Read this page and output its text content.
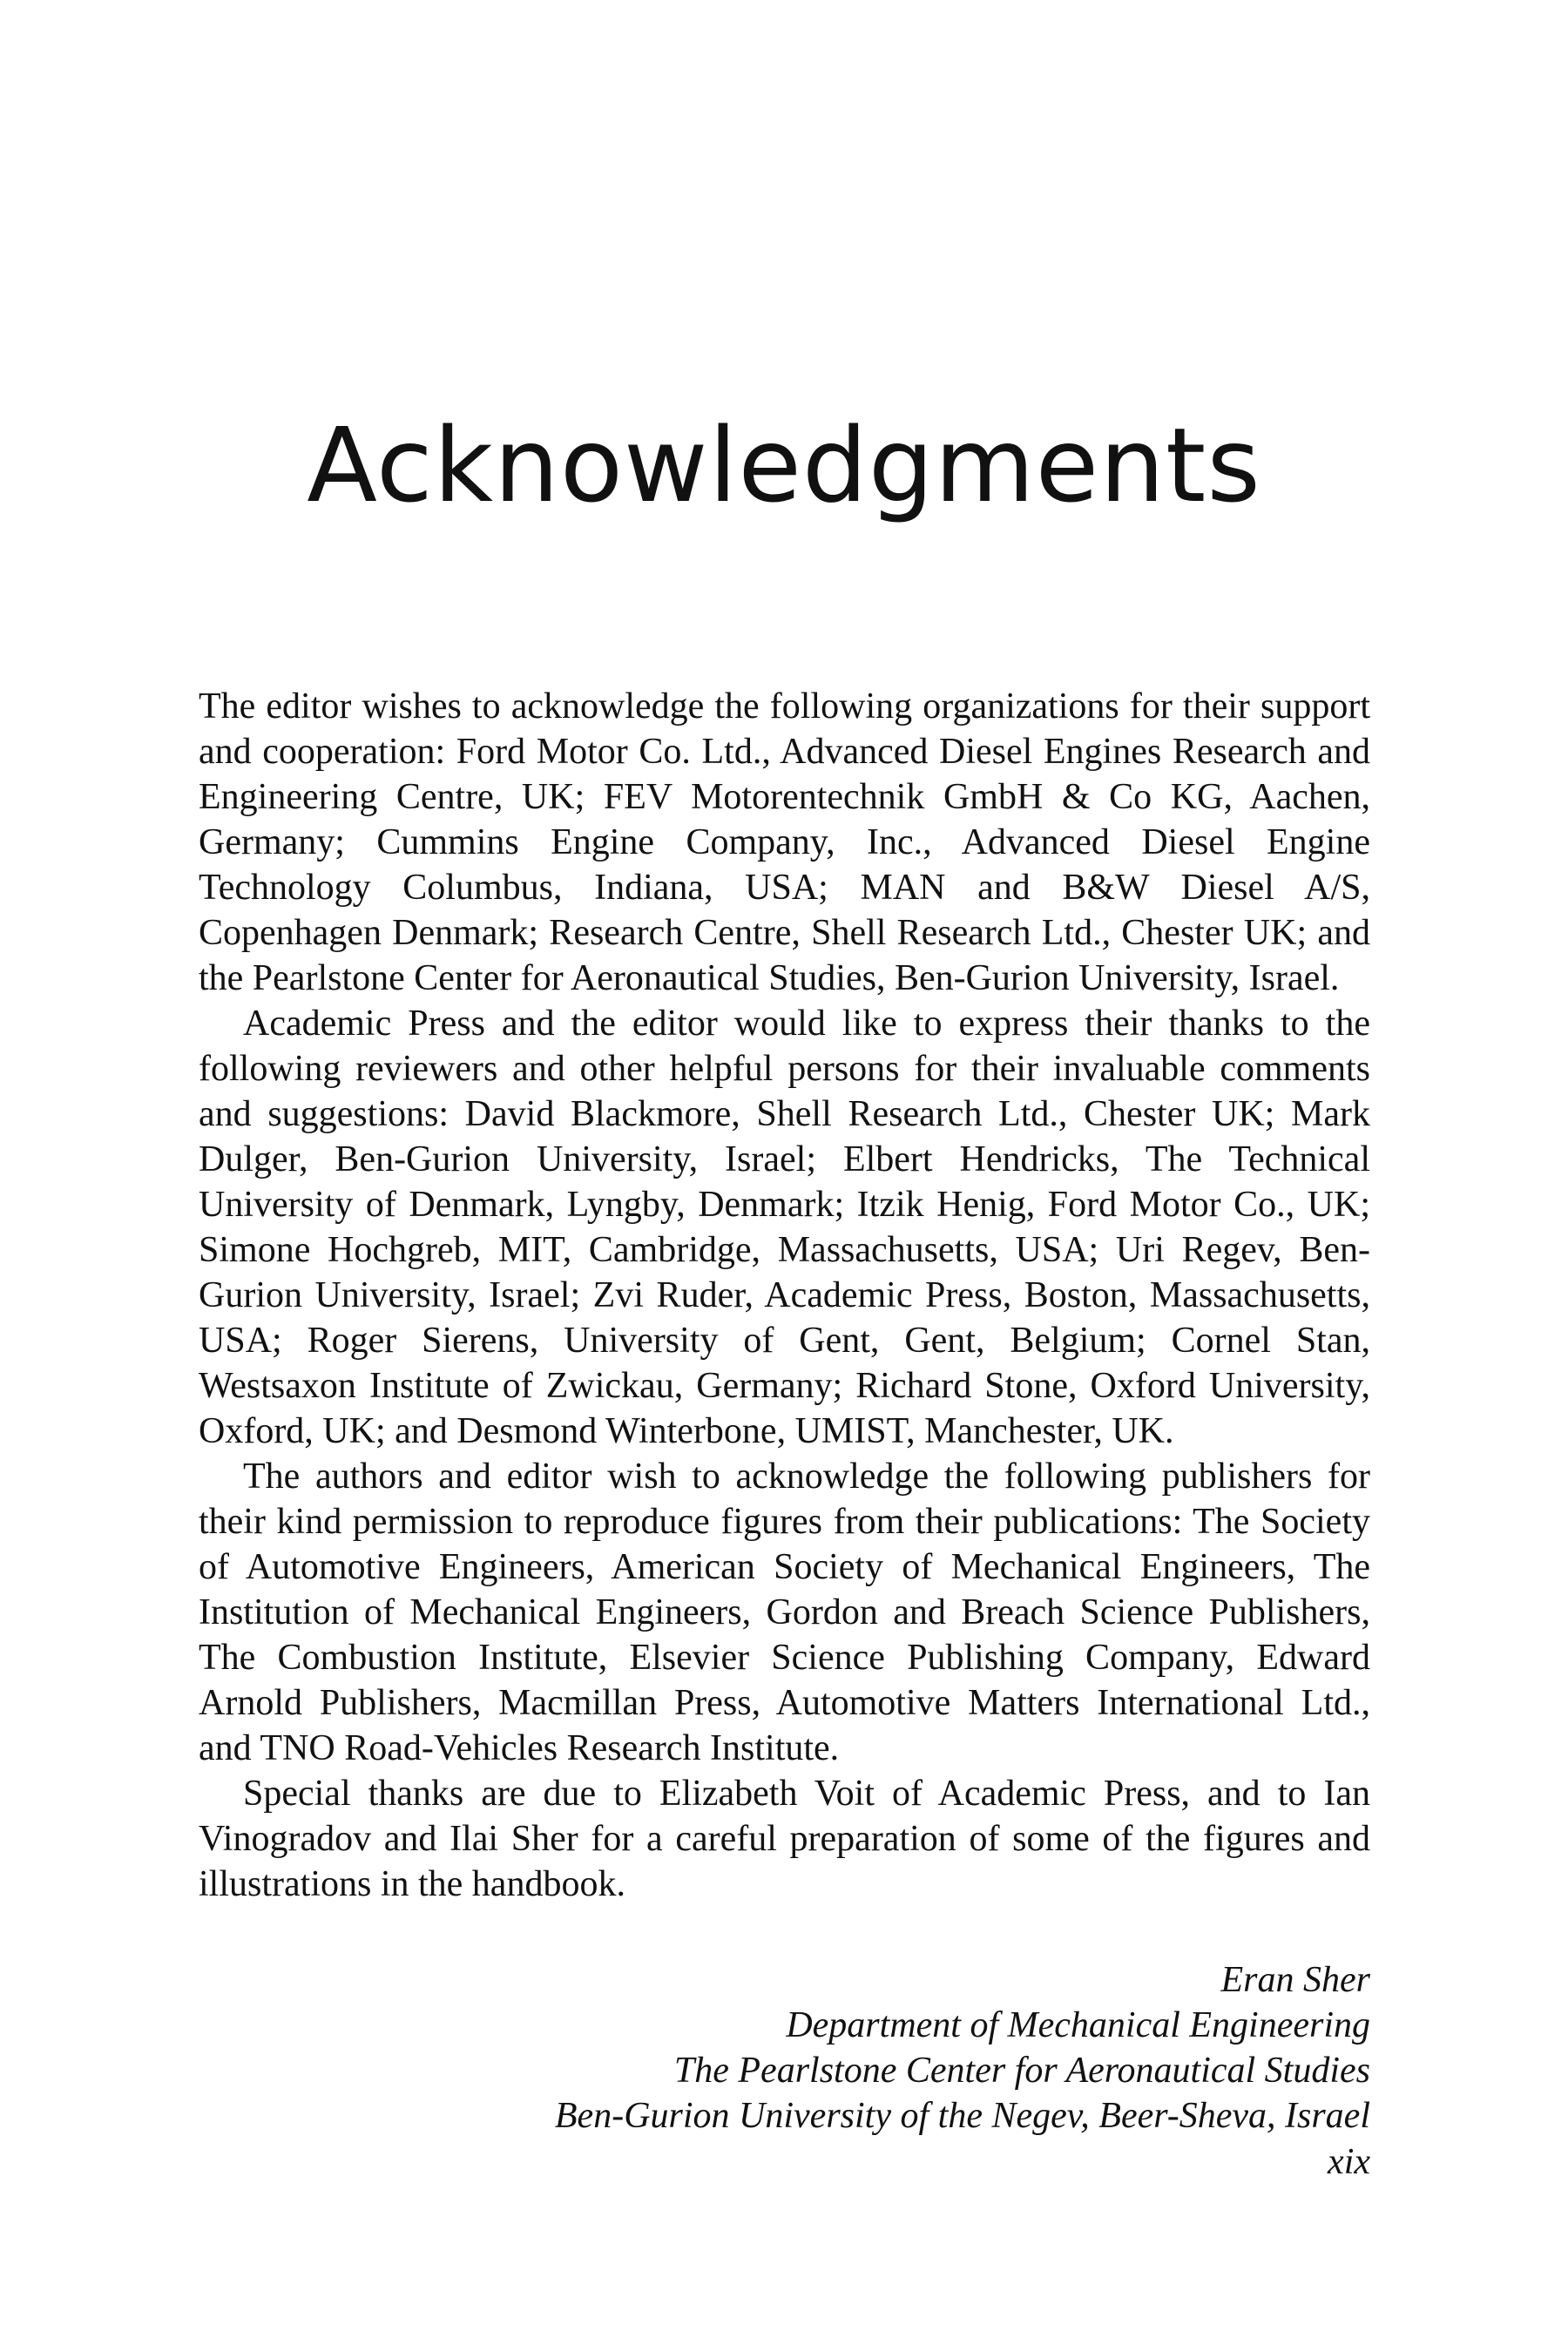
Acknowledgments

The editor wishes to acknowledge the following organizations for their support and cooperation: Ford Motor Co. Ltd., Advanced Diesel Engines Research and Engineering Centre, UK; FEV Motorentechnik GmbH & Co KG, Aachen, Germany; Cummins Engine Company, Inc., Advanced Diesel Engine Technology Columbus, Indiana, USA; MAN and B&W Diesel A/S, Copenhagen Denmark; Research Centre, Shell Research Ltd., Chester UK; and the Pearlstone Center for Aeronautical Studies, Ben-Gurion University, Israel.

Academic Press and the editor would like to express their thanks to the following reviewers and other helpful persons for their invaluable comments and suggestions: David Blackmore, Shell Research Ltd., Chester UK; Mark Dulger, Ben-Gurion University, Israel; Elbert Hendricks, The Technical University of Denmark, Lyngby, Denmark; Itzik Henig, Ford Motor Co., UK; Simone Hochgreb, MIT, Cambridge, Massachusetts, USA; Uri Regev, Ben-Gurion University, Israel; Zvi Ruder, Academic Press, Boston, Massachusetts, USA; Roger Sierens, University of Gent, Gent, Belgium; Cornel Stan, Westsaxon Institute of Zwickau, Germany; Richard Stone, Oxford University, Oxford, UK; and Desmond Winterbone, UMIST, Manchester, UK.

The authors and editor wish to acknowledge the following publishers for their kind permission to reproduce figures from their publications: The Society of Automotive Engineers, American Society of Mechanical Engineers, The Institution of Mechanical Engineers, Gordon and Breach Science Publishers, The Combustion Institute, Elsevier Science Publishing Company, Edward Arnold Publishers, Macmillan Press, Automotive Matters International Ltd., and TNO Road-Vehicles Research Institute.

Special thanks are due to Elizabeth Voit of Academic Press, and to Ian Vinogradov and Ilai Sher for a careful preparation of some of the figures and illustrations in the handbook.

Eran Sher
Department of Mechanical Engineering
The Pearlstone Center for Aeronautical Studies
Ben-Gurion University of the Negev, Beer-Sheva, Israel
xix
